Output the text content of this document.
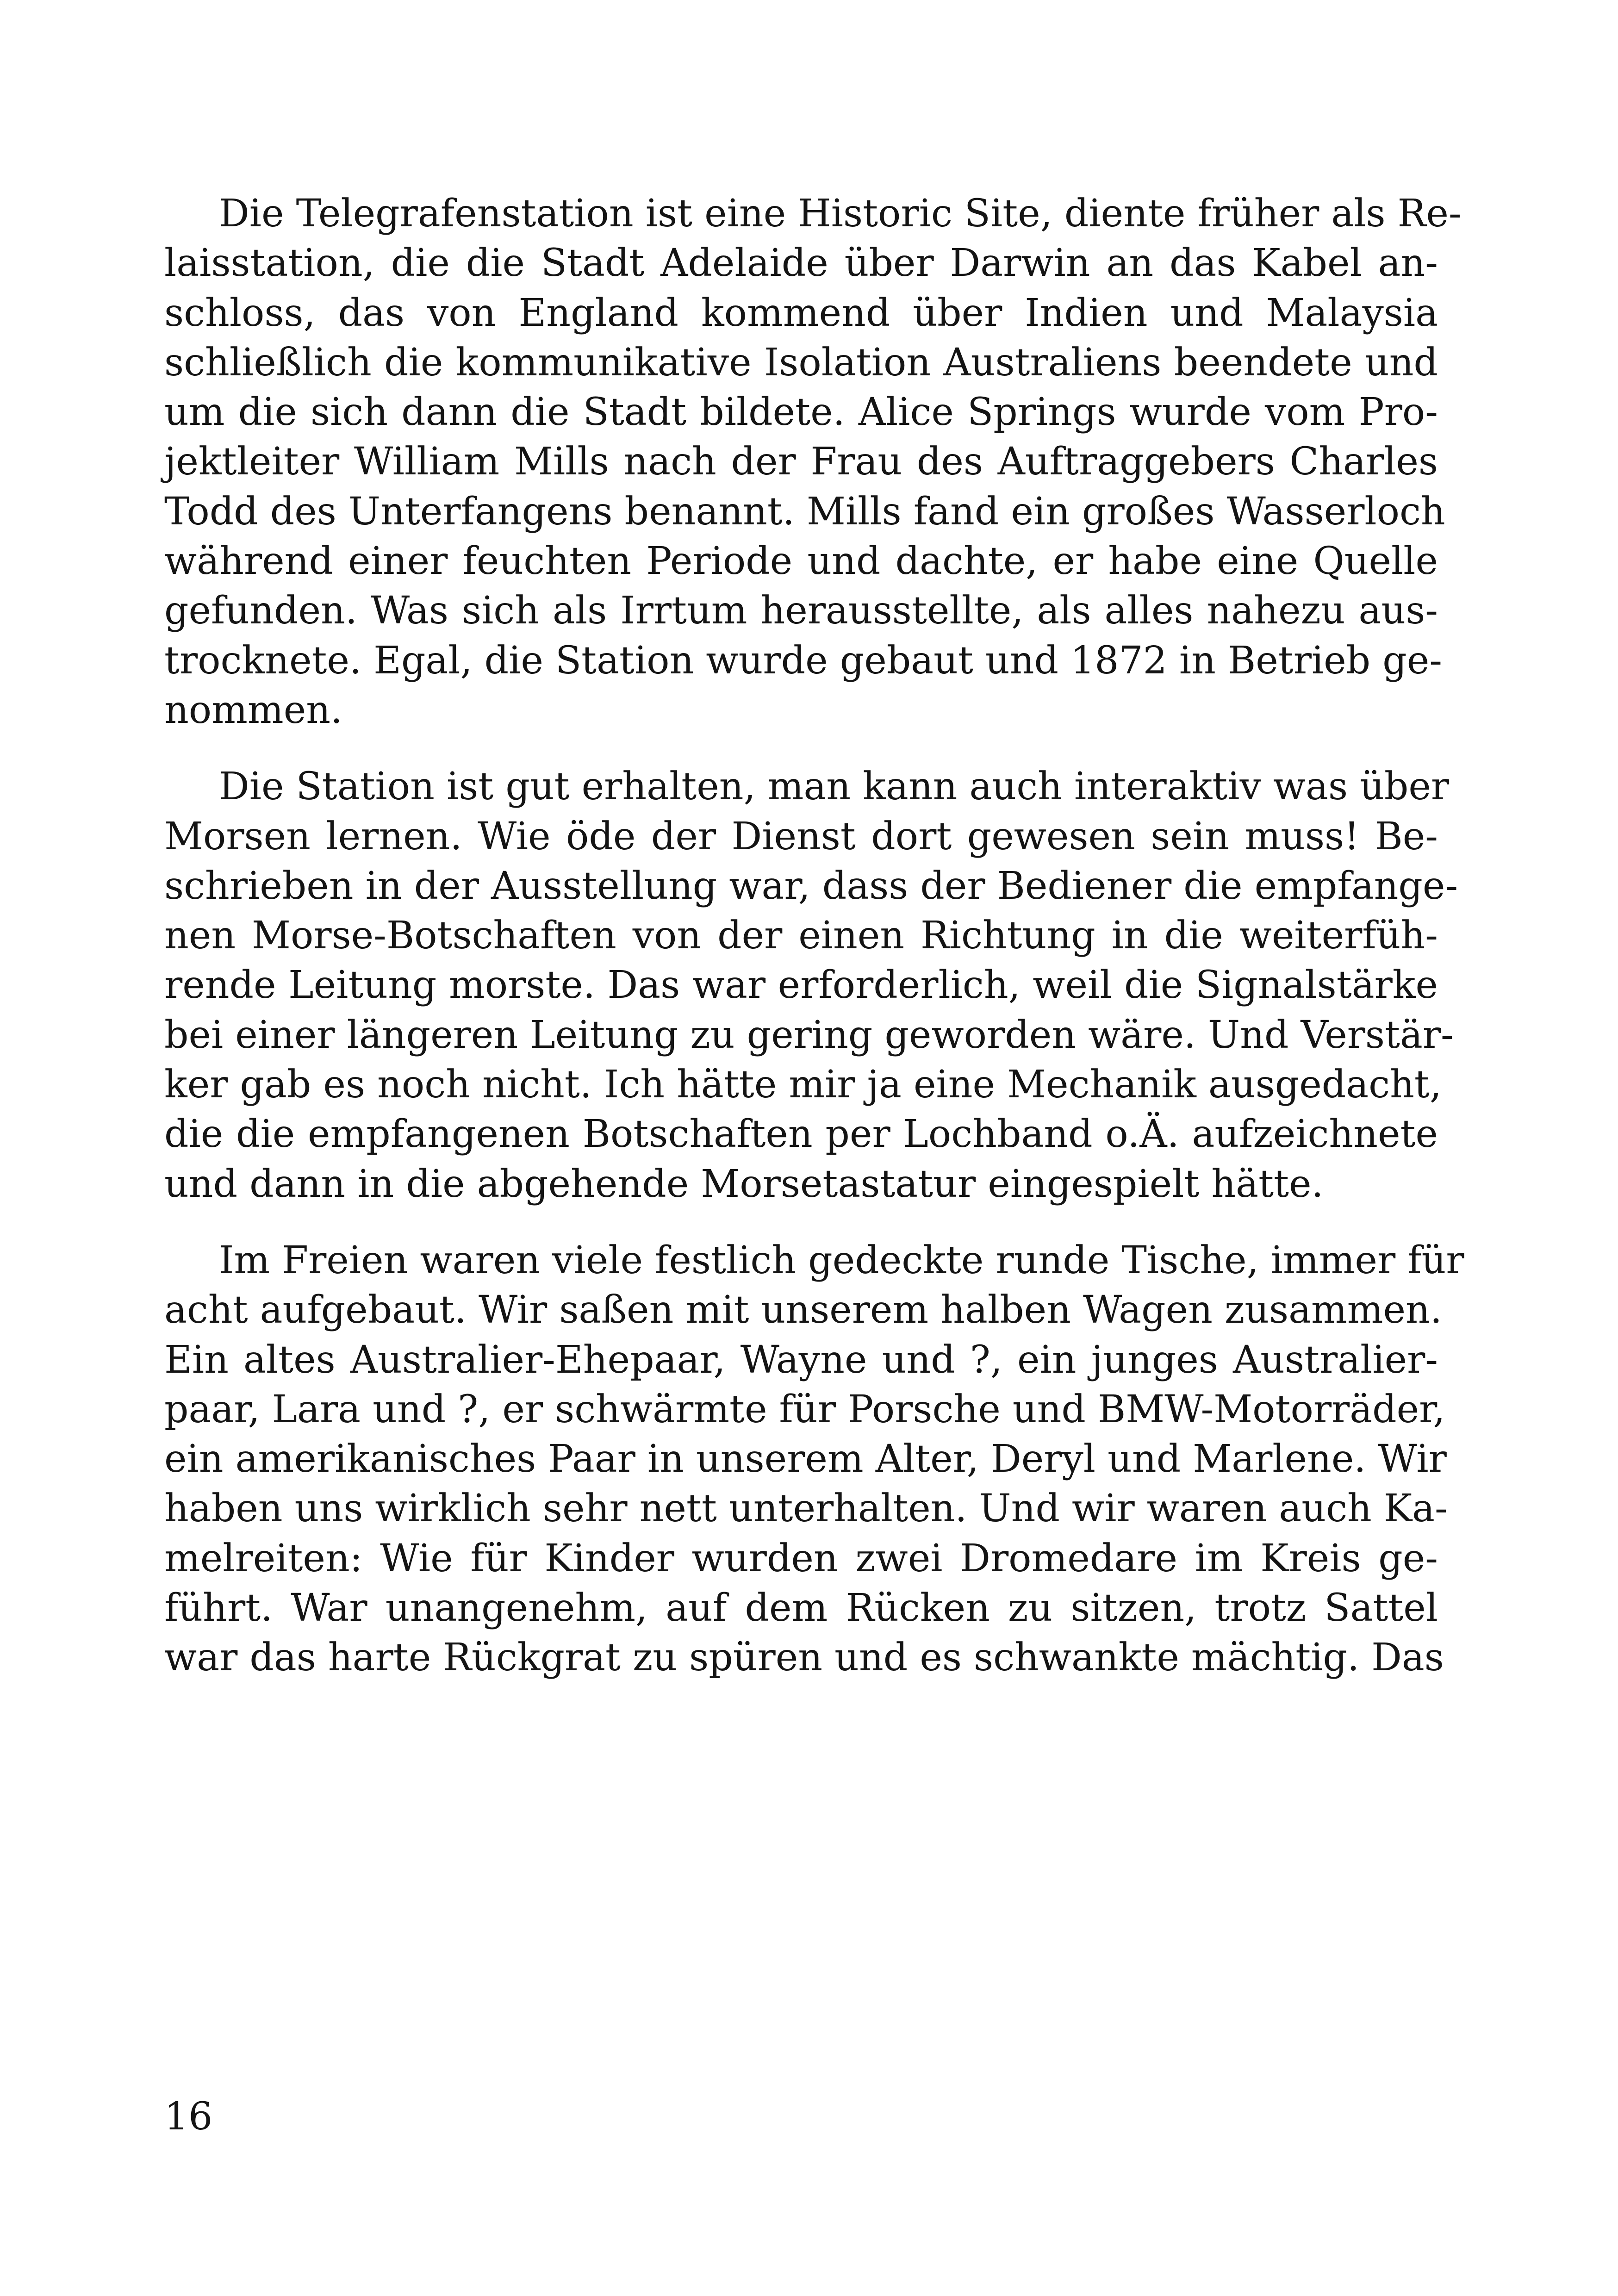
Die Telegrafenstation ist eine Historic Site, diente früher als Re-
laisstation, die die Stadt Adelaide über Darwin an das Kabel an-
schloss, das von England kommend über Indien und Malaysia
schließlich die kommunikative Isolation Australiens beendete und
um die sich dann die Stadt bildete. Alice Springs wurde vom Pro-
jektleiter William Mills nach der Frau des Auftraggebers Charles
Todd des Unterfangens benannt. Mills fand ein großes Wasserloch
während einer feuchten Periode und dachte, er habe eine Quelle
gefunden. Was sich als Irrtum herausstellte, als alles nahezu aus-
trocknete. Egal, die Station wurde gebaut und 1872 in Betrieb ge-
nommen.
Die Station ist gut erhalten, man kann auch interaktiv was über
Morsen lernen. Wie öde der Dienst dort gewesen sein muss! Be-
schrieben in der Ausstellung war, dass der Bediener die empfange-
nen Morse-Botschaften von der einen Richtung in die weiterfüh-
rende Leitung morste. Das war erforderlich, weil die Signalstärke
bei einer längeren Leitung zu gering geworden wäre. Und Verstär-
ker gab es noch nicht. Ich hätte mir ja eine Mechanik ausgedacht,
die die empfangenen Botschaften per Lochband o.Ä. aufzeichnete
und dann in die abgehende Morsetastatur eingespielt hätte.
Im Freien waren viele festlich gedeckte runde Tische, immer für
acht aufgebaut. Wir saßen mit unserem halben Wagen zusammen.
Ein altes Australier-Ehepaar, Wayne und ?, ein junges Australier-
paar, Lara und ?, er schwärmte für Porsche und BMW-Motorräder,
ein amerikanisches Paar in unserem Alter, Deryl und Marlene. Wir
haben uns wirklich sehr nett unterhalten. Und wir waren auch Ka-
melreiten: Wie für Kinder wurden zwei Dromedare im Kreis ge-
führt. War unangenehm, auf dem Rücken zu sitzen, trotz Sattel
war das harte Rückgrat zu spüren und es schwankte mächtig. Das
16
